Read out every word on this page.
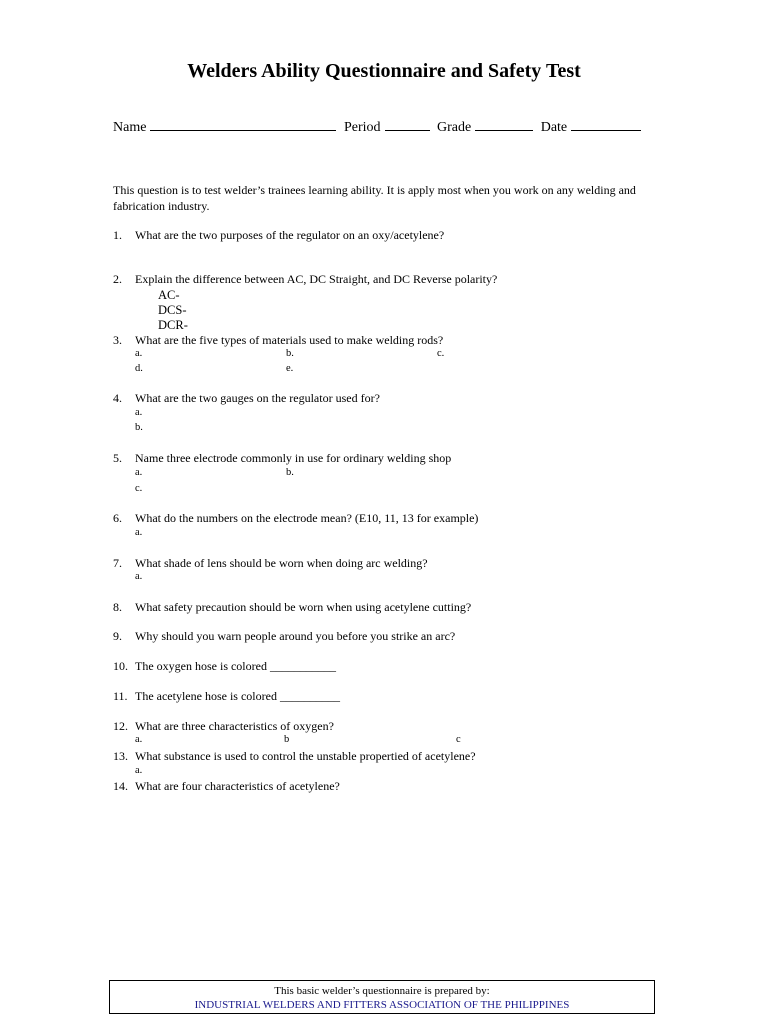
Welders Ability Questionnaire and Safety Test
Name	Period	Grade	Date
This question is to test welder’s trainees learning ability. It is apply most when you work on any welding and fabrication industry.
1. What are the two purposes of the regulator on an oxy/acetylene?
2. Explain the difference between AC, DC Straight, and DC Reverse polarity?
AC-
DCS-
DCR-
3. What are the five types of materials used to make welding rods?
a.	b.	c.
d.	e.
4. What are the two gauges on the regulator used for?
a.
b.
5. Name three electrode commonly in use for ordinary welding shop
a.	b.
c.
6. What do the numbers on the electrode mean? (E10, 11, 13 for example)
a.
7. What shade of lens should be worn when doing arc welding?
a.
8. What safety precaution should be worn when using acetylene cutting?
9. Why should you warn people around you before you strike an arc?
10. The oxygen hose is colored ___________
11. The acetylene hose is colored __________
12. What are three characteristics of oxygen?
a.	b	c
13. What substance is used to control the unstable propertied of acetylene?
a.
14. What are four characteristics of acetylene?
This basic welder’s questionnaire is prepared by:
INDUSTRIAL WELDERS AND FITTERS ASSOCIATION OF THE PHILIPPINES
